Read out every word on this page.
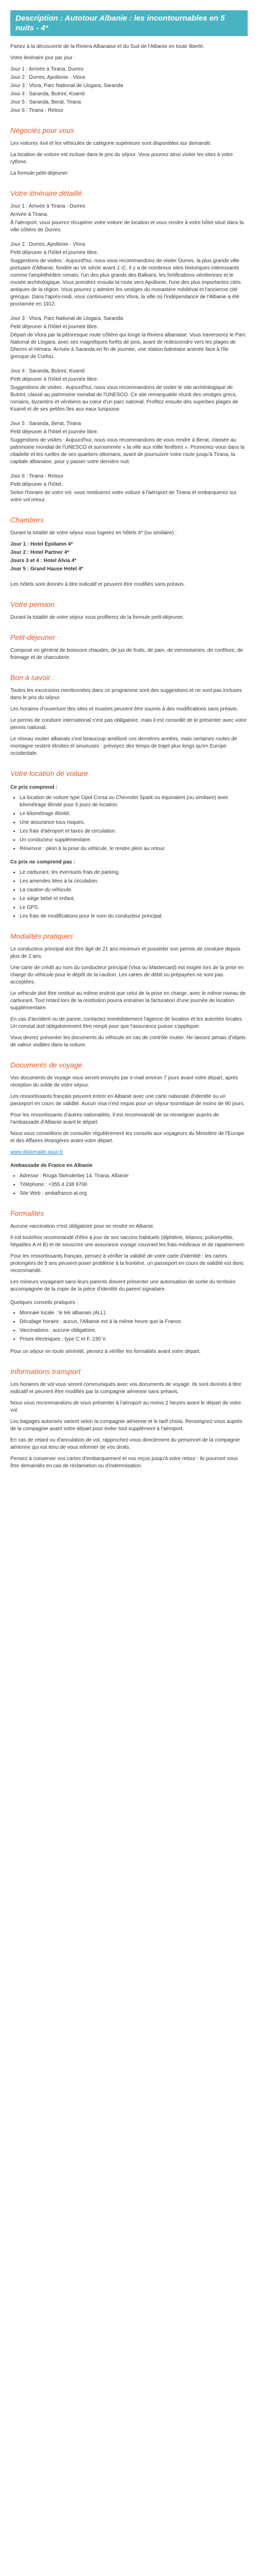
Description : Autotour Albanie : les incontournables en 5 nuits - 4*

Partez à la découverte de la Riviera Albanaise et du Sud de l'Albanie en toute liberté.

Votre itinéraire jour par jour :

Jour 1 : Arrivée à Tirana, Durres
Jour 2 : Durres, Apollonie - Vlora
Jour 3 : Vlora, Parc National de Llogara, Saranda
Jour 4 : Saranda, Butrint, Ksamil
Jour 5 : Saranda, Berat, Tirana
Jour 6 : Tirana - Retour
Négociés pour vous

Les voitures 4x4 et les véhicules de catégorie supérieure sont disponibles sur demande.

La location de voiture est incluse dans le prix du séjour. Vous pourrez ainsi visiter les sites à votre rythme.

La formule petit-déjeuner

Votre itinéraire détaillé
Jour 1 : Arrivée à Tirana - Durres
Arrivée à Tirana.

À l'aéroport, vous pourrez récupérer votre voiture de location et vous rendre à votre hôtel situé dans la ville côtière de Durres.

Jour 2 : Durres, Apollonie - Vlora
Petit déjeuner à l'hôtel et journée libre.

Suggestions de visites : Aujourd'hui, nous vous recommandons de visiter Durres, la plus grande ville portuaire d'Albanie, fondée au Ve siècle avant J.-C. Il y a de nombreux sites historiques intéressants comme l'amphithéâtre romain, l'un des plus grands des Balkans, les fortifications vénitiennes et le musée archéologique. Vous prendrez ensuite la route vers Apollonie, l'une des plus importantes cités antiques de la région. Vous pourrez y admirer les vestiges du monastère médiéval et l'ancienne cité grecque. Dans l'après-midi, vous continuerez vers Vlora, la ville où l'indépendance de l'Albanie a été proclamée en 1912.

Jour 3 : Vlora, Parc National de Llogara, Saranda
Petit déjeuner à l'hôtel et journée libre.

Départ de Vlora par la pittoresque route côtière qui longe la Riviera albanaise. Vous traverserez le Parc National de Llogara, avec ses magnifiques forêts de pins, avant de redescendre vers les plages de Dhermi et Himara. Arrivée à Saranda en fin de journée, une station balnéaire animée face à l'île grecque de Corfou.

Jour 4 : Saranda, Butrint, Ksamil
Petit déjeuner à l'hôtel et journée libre.

Suggestions de visites : Aujourd'hui, nous vous recommandons de visiter le site archéologique de Butrint, classé au patrimoine mondial de l'UNESCO. Ce site remarquable réunit des vestiges grecs, romains, byzantins et vénitiens au cœur d'un parc national. Profitez ensuite des superbes plages de Ksamil et de ses petites îles aux eaux turquoise.

Jour 5 : Saranda, Berat, Tirana
Petit déjeuner à l'hôtel et journée libre.

Suggestions de visites : Aujourd'hui, nous vous recommandons de vous rendre à Berat, classée au patrimoine mondial de l'UNESCO et surnommée « la ville aux mille fenêtres ». Promenez-vous dans la citadelle et les ruelles de ses quartiers ottomans, avant de poursuivre votre route jusqu'à Tirana, la capitale albanaise, pour y passer votre dernière nuit.

Jour 6 : Tirana - Retour
Petit déjeuner à l'hôtel.

Selon l'horaire de votre vol, vous restituerez votre voiture à l'aéroport de Tirana et embarquerez sur votre vol retour.

Chambres

Durant la totalité de votre séjour vous logerez en hôtels 4* (ou similaire) :

Jour 1 : Hotel Epidamn 4*
Jour 2 : Hotel Partner 4*
Jours 3 et 4 : Hotel Alvia 4*
Jour 5 : Grand Hause Hotel 4*

Les hôtels sont donnés à titre indicatif et peuvent être modifiés sans préavis.

Votre pension

Durant la totalité de votre séjour vous profiterez de la formule petit-déjeuner.

Petit-déjeuner

Composé en général de boissons chaudes, de jus de fruits, de pain, de viennoiseries, de confiture, de fromage et de charcuterie.

Bon à savoir :

Toutes les excursions mentionnées dans ce programme sont des suggestions et ne sont pas incluses dans le prix du séjour.

Les horaires d'ouverture des sites et musées peuvent être soumis à des modifications sans préavis.

Le permis de conduire international n'est pas obligatoire, mais il est conseillé de le présenter avec votre permis national.

Le réseau routier albanais s'est beaucoup amélioré ces dernières années, mais certaines routes de montagne restent étroites et sinueuses : prévoyez des temps de trajet plus longs qu'en Europe occidentale.

Votre location de voiture
Ce prix comprend :
• La location de voiture type Opel Corsa ou Chevrolet Spark ou équivalent (ou similaire) avec kilométrage illimité pour 5 jours de location.
• Le kilométrage illimité.
• Une assurance tous risques.
• Les frais d'aéroport et taxes de circulation.
• Un conducteur supplémentaire.
• Réservoir : plein à la prise du véhicule, le rendre plein au retour.
Ce prix ne comprend pas :
• Le carburant, les éventuels frais de parking.
• Les amendes liées à la circulation.
• La caution du véhicule.
• Le siège bébé et enfant.
• Le GPS.
• Les frais de modifications pour le nom du conducteur principal.
Modalités pratiques

Le conducteur principal doit être âgé de 21 ans minimum et posséder son permis de conduire depuis plus de 2 ans.

Une carte de crédit au nom du conducteur principal (Visa ou Mastercard) est exigée lors de la prise en charge du véhicule pour le dépôt de la caution. Les cartes de débit ou prépayées ne sont pas acceptées.

Le véhicule doit être restitué au même endroit que celui de la prise en charge, avec le même niveau de carburant. Tout retard lors de la restitution pourra entraîner la facturation d'une journée de location supplémentaire.

En cas d'accident ou de panne, contactez immédiatement l'agence de location et les autorités locales. Un constat doit obligatoirement être rempli pour que l'assurance puisse s'appliquer.

Vous devrez présenter les documents du véhicule en cas de contrôle routier. Ne laissez jamais d'objets de valeur visibles dans la voiture.

Documents de voyage

Vos documents de voyage vous seront envoyés par e-mail environ 7 jours avant votre départ, après réception du solde de votre séjour.

Les ressortissants français peuvent entrer en Albanie avec une carte nationale d'identité ou un passeport en cours de validité. Aucun visa n'est requis pour un séjour touristique de moins de 90 jours.

Pour les ressortissants d'autres nationalités, il est recommandé de se renseigner auprès de l'ambassade d'Albanie avant le départ.

Nous vous conseillons de consulter régulièrement les conseils aux voyageurs du Ministère de l'Europe et des Affaires étrangères avant votre départ.

www.diplomatie.gouv.fr

Ambassade de France en Albanie
• Adresse : Rruga Skënderbej 14, Tirana, Albanie
• Téléphone : +355 4 238 9700
• Site Web : ambafrance-al.org
Formalités

Aucune vaccination n'est obligatoire pour se rendre en Albanie.

Il est toutefois recommandé d'être à jour de ses vaccins habituels (diphtérie, tétanos, poliomyélite, hépatites A et B) et de souscrire une assurance voyage couvrant les frais médicaux et de rapatriement.

Pour les ressortissants français, pensez à vérifier la validité de votre carte d'identité : les cartes prolongées de 5 ans peuvent poser problème à la frontière, un passeport en cours de validité est donc recommandé.

Les mineurs voyageant sans leurs parents doivent présenter une autorisation de sortie du territoire accompagnée de la copie de la pièce d'identité du parent signataire.

Quelques conseils pratiques :
• Monnaie locale : le lek albanais (ALL).
• Décalage horaire : aucun, l'Albanie est à la même heure que la France.
• Vaccinations : aucune obligatoire.
• Prises électriques : type C et F, 230 V.

Pour un séjour en toute sérénité, pensez à vérifier les formalités avant votre départ.

Informations transport

Les horaires de vol vous seront communiqués avec vos documents de voyage. Ils sont donnés à titre indicatif et peuvent être modifiés par la compagnie aérienne sans préavis.

Nous vous recommandons de vous présenter à l'aéroport au moins 2 heures avant le départ de votre vol.

Les bagages autorisés varient selon la compagnie aérienne et le tarif choisi. Renseignez-vous auprès de la compagnie avant votre départ pour éviter tout supplément à l'aéroport.

En cas de retard ou d'annulation de vol, rapprochez-vous directement du personnel de la compagnie aérienne qui est tenu de vous informer de vos droits.

Pensez à conserver vos cartes d'embarquement et vos reçus jusqu'à votre retour : ils pourront vous être demandés en cas de réclamation ou d'indemnisation.
